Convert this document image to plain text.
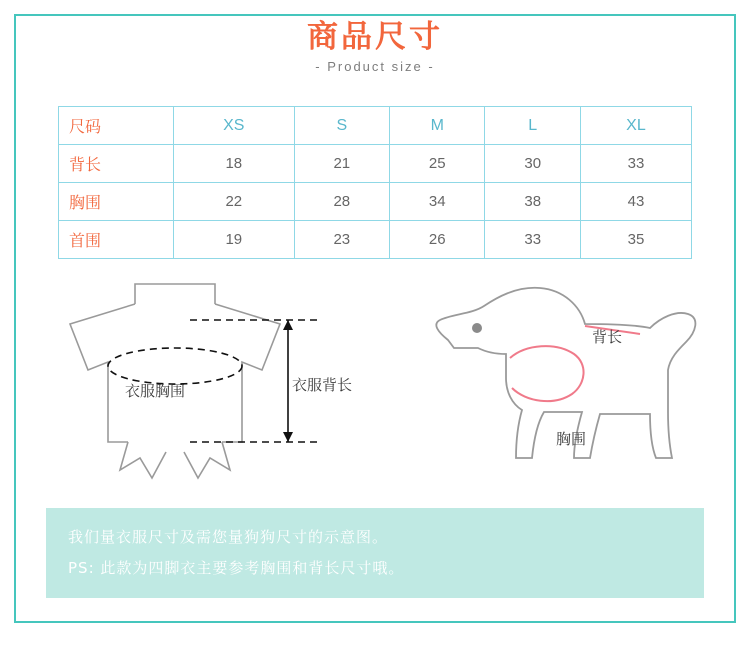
商品尺寸
- Product size -
尺码	XS	S	M	L	XL
背长	18	21	25	30	33
胸围	22	28	34	38	43
首围	19	23	26	33	35
衣服胸围	衣服背长
背长
胸围
我们量衣服尺寸及需您量狗狗尺寸的示意图。
PS: 此款为四脚衣主要参考胸围和背长尺寸哦。
